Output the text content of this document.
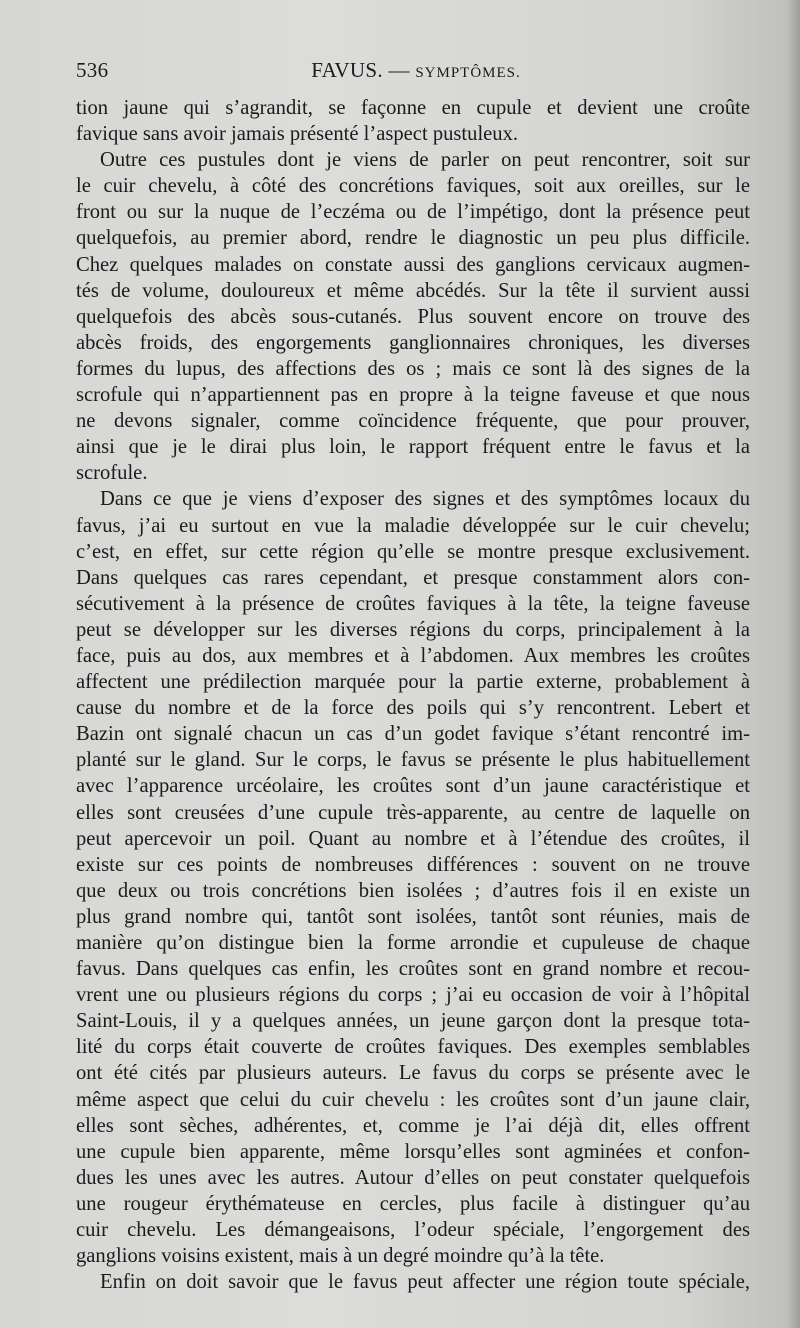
536	FAVUS. — SYMPTÔMES.
tion jaune qui s’agrandit, se façonne en cupule et devient une croûte
favique sans avoir jamais présenté l’aspect pustuleux.
Outre ces pustules dont je viens de parler on peut rencontrer, soit sur
le cuir chevelu, à côté des concrétions faviques, soit aux oreilles, sur le
front ou sur la nuque de l’eczéma ou de l’impétigo, dont la présence peut
quelquefois, au premier abord, rendre le diagnostic un peu plus difficile.
Chez quelques malades on constate aussi des ganglions cervicaux augmen-
tés de volume, douloureux et même abcédés. Sur la tête il survient aussi
quelquefois des abcès sous-cutanés. Plus souvent encore on trouve des
abcès froids, des engorgements ganglionnaires chroniques, les diverses
formes du lupus, des affections des os ; mais ce sont là des signes de la
scrofule qui n’appartiennent pas en propre à la teigne faveuse et que nous
ne devons signaler, comme coïncidence fréquente, que pour prouver,
ainsi que je le dirai plus loin, le rapport fréquent entre le favus et la
scrofule.
Dans ce que je viens d’exposer des signes et des symptômes locaux du
favus, j’ai eu surtout en vue la maladie développée sur le cuir chevelu;
c’est, en effet, sur cette région qu’elle se montre presque exclusivement.
Dans quelques cas rares cependant, et presque constamment alors con-
sécutivement à la présence de croûtes faviques à la tête, la teigne faveuse
peut se développer sur les diverses régions du corps, principalement à la
face, puis au dos, aux membres et à l’abdomen. Aux membres les croûtes
affectent une prédilection marquée pour la partie externe, probablement à
cause du nombre et de la force des poils qui s’y rencontrent. Lebert et
Bazin ont signalé chacun un cas d’un godet favique s’étant rencontré im-
planté sur le gland. Sur le corps, le favus se présente le plus habituellement
avec l’apparence urcéolaire, les croûtes sont d’un jaune caractéristique et
elles sont creusées d’une cupule très-apparente, au centre de laquelle on
peut apercevoir un poil. Quant au nombre et à l’étendue des croûtes, il
existe sur ces points de nombreuses différences : souvent on ne trouve
que deux ou trois concrétions bien isolées ; d’autres fois il en existe un
plus grand nombre qui, tantôt sont isolées, tantôt sont réunies, mais de
manière qu’on distingue bien la forme arrondie et cupuleuse de chaque
favus. Dans quelques cas enfin, les croûtes sont en grand nombre et recou-
vrent une ou plusieurs régions du corps ; j’ai eu occasion de voir à l’hôpital
Saint-Louis, il y a quelques années, un jeune garçon dont la presque tota-
lité du corps était couverte de croûtes faviques. Des exemples semblables
ont été cités par plusieurs auteurs. Le favus du corps se présente avec le
même aspect que celui du cuir chevelu : les croûtes sont d’un jaune clair,
elles sont sèches, adhérentes, et, comme je l’ai déjà dit, elles offrent
une cupule bien apparente, même lorsqu’elles sont agminées et confon-
dues les unes avec les autres. Autour d’elles on peut constater quelquefois
une rougeur érythémateuse en cercles, plus facile à distinguer qu’au
cuir chevelu. Les démangeaisons, l’odeur spéciale, l’engorgement des
ganglions voisins existent, mais à un degré moindre qu’à la tête.
Enfin on doit savoir que le favus peut affecter une région toute spéciale,
